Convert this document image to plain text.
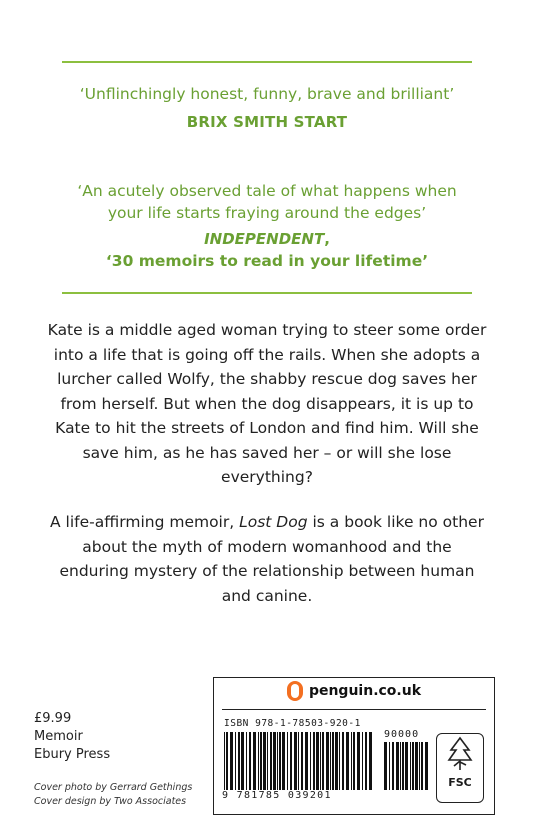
‘Unflinchingly honest, funny, brave and brilliant’
BRIX SMITH START
‘An acutely observed tale of what happens when
your life starts fraying around the edges’
INDEPENDENT,
‘30 memoirs to read in your lifetime’
Kate is a middle aged woman trying to steer some order into a life that is going off the rails. When she adopts a lurcher called Wolfy, the shabby rescue dog saves her from herself. But when the dog disappears, it is up to Kate to hit the streets of London and find him. Will she save him, as he has saved her – or will she lose everything?
A life-affirming memoir, Lost Dog is a book like no other about the myth of modern womanhood and the enduring mystery of the relationship between human and canine.
£9.99
Memoir
Ebury Press
Cover photo by Gerrard Gethings
Cover design by Two Associates
penguin.co.uk
ISBN 978-1-78503-920-1
9 781785 039201
90000
FSC
